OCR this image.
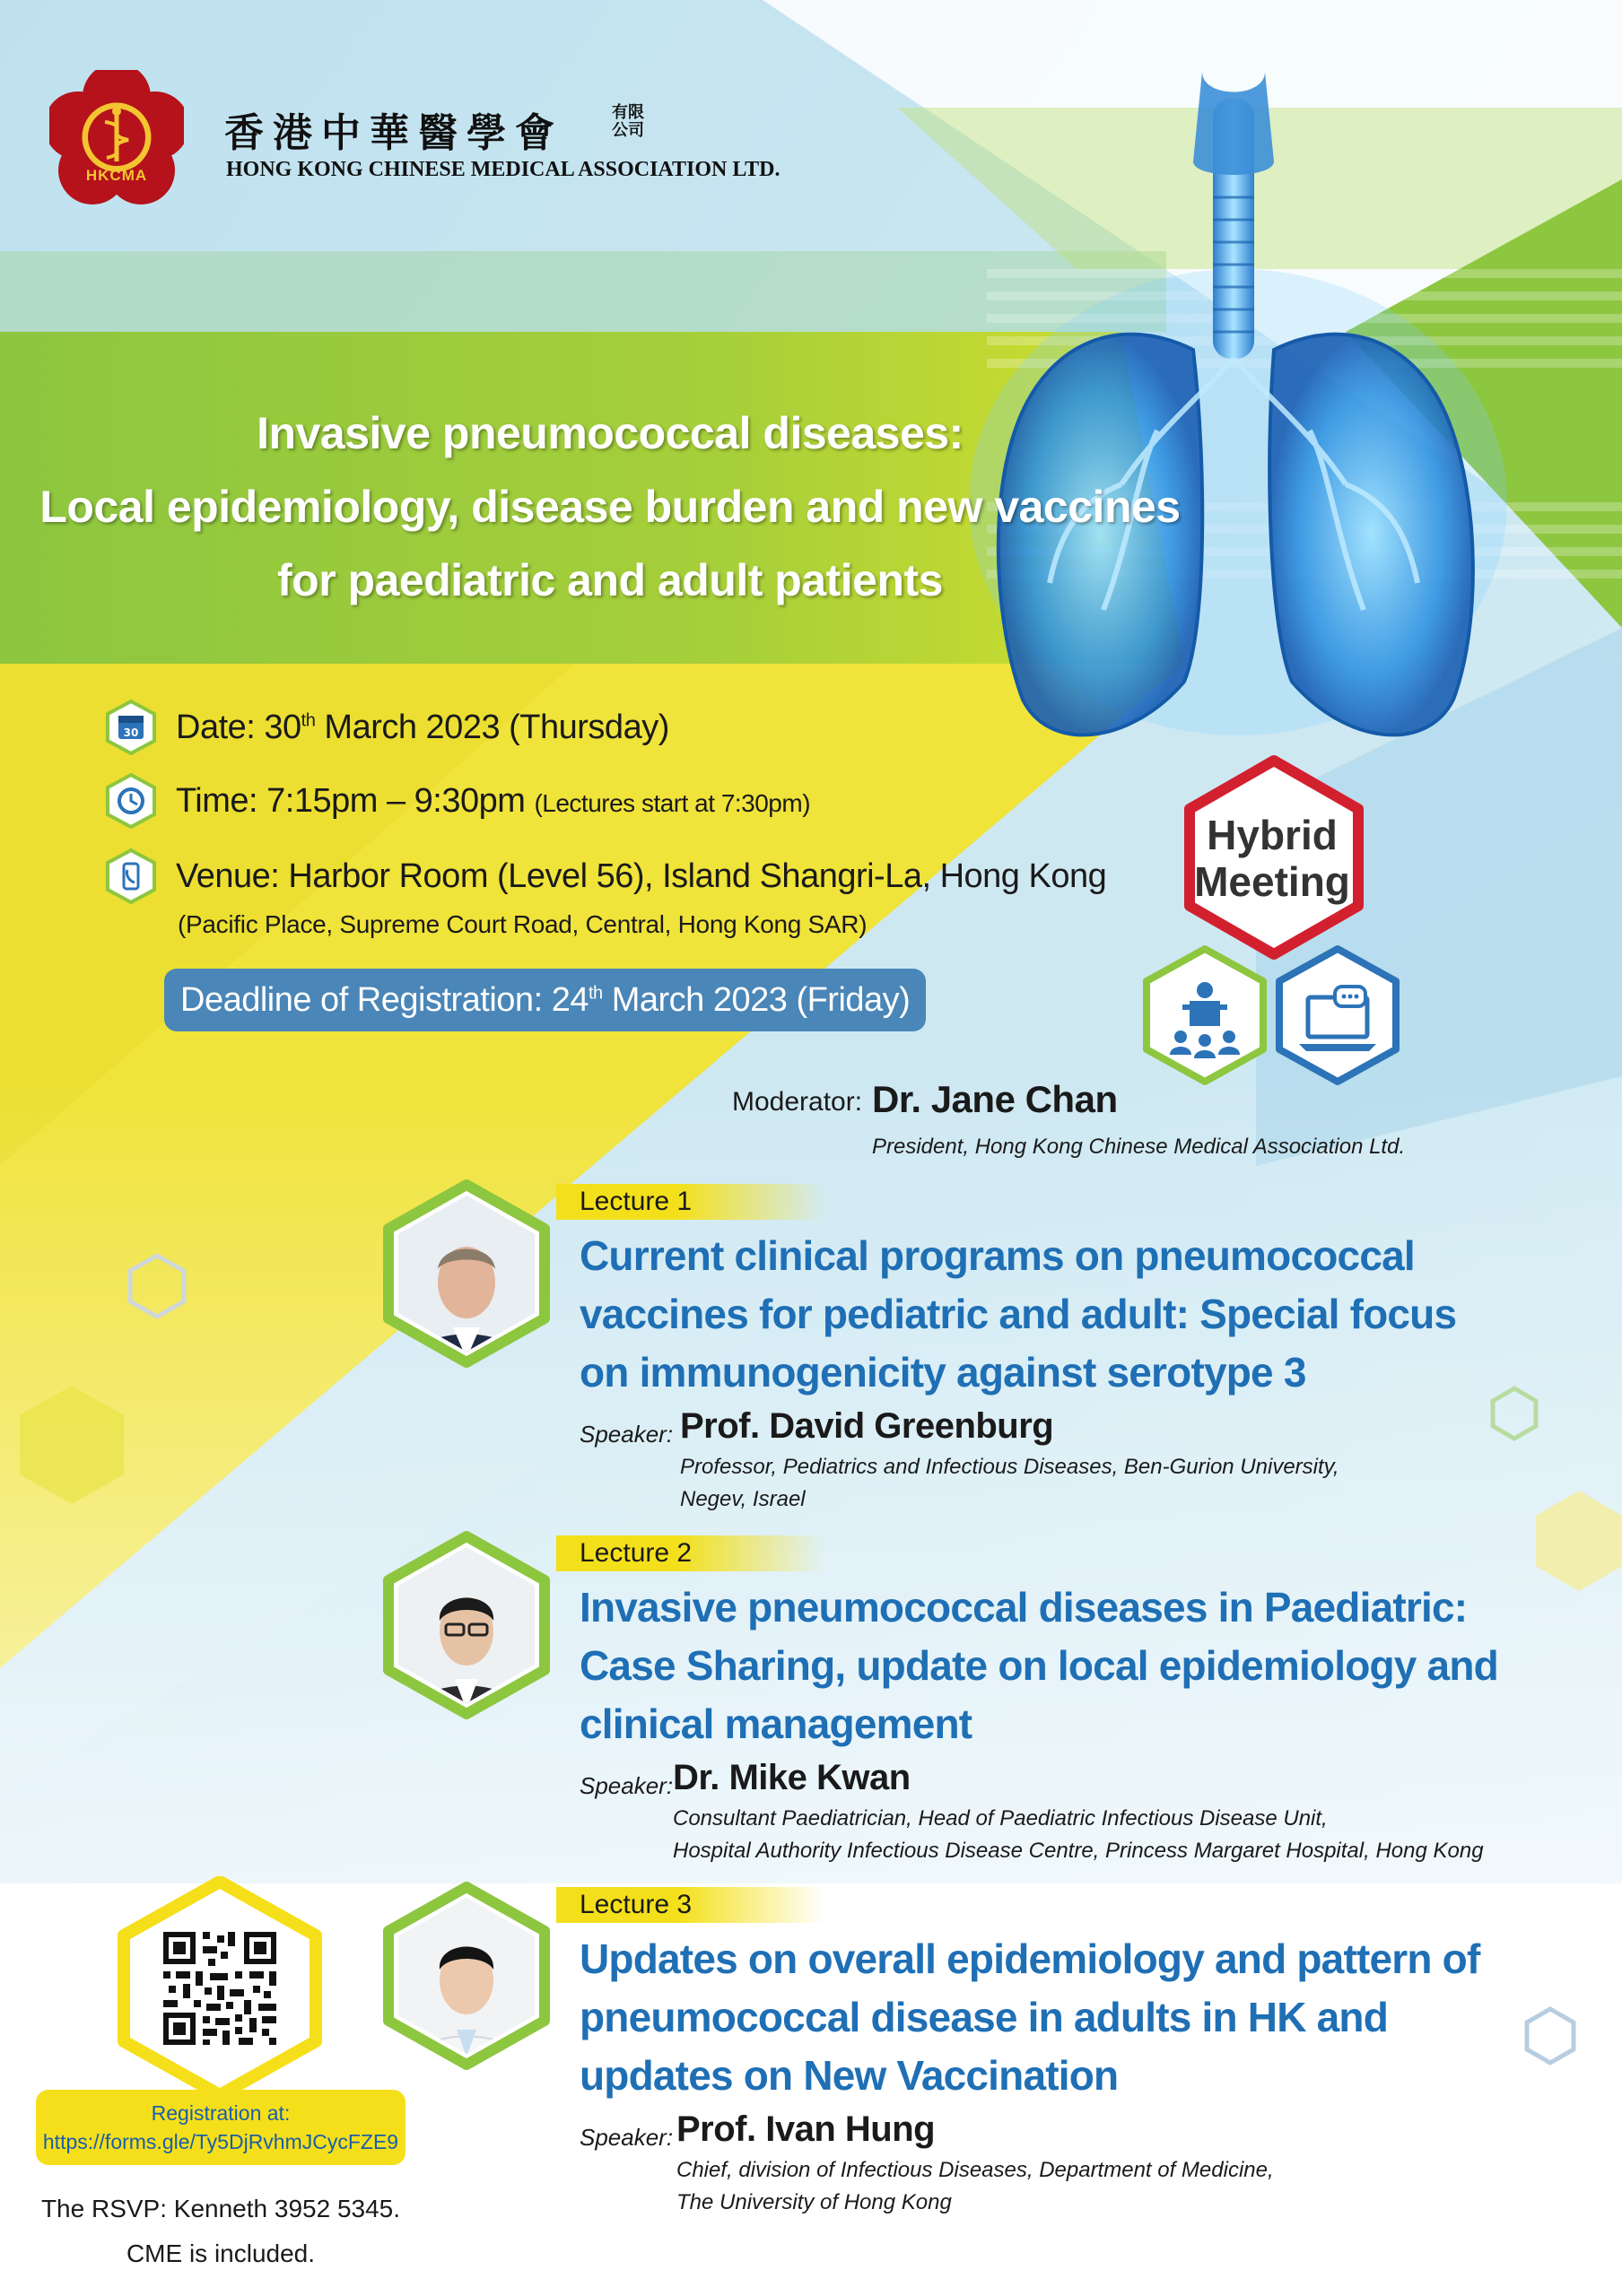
HKCMA
香港中華醫學會	有限公司
HONG KONG CHINESE MEDICAL ASSOCIATION LTD.
Invasive pneumococcal diseases:
Local epidemiology, disease burden and new vaccines
for paediatric and adult patients
30 Date: 30th March 2023 (Thursday)
Time: 7:15pm – 9:30pm (Lectures start at 7:30pm)
Venue: Harbor Room (Level 56), Island Shangri-La, Hong Kong
(Pacific Place, Supreme Court Road, Central, Hong Kong SAR)
Deadline of Registration: 24th March 2023 (Friday)
Hybrid
Meeting
Moderator: Dr. Jane Chan
President, Hong Kong Chinese Medical Association Ltd.
Lecture 1
Current clinical programs on pneumococcal vaccines for pediatric and adult: Special focus on immunogenicity against serotype 3
Speaker: Prof. David Greenburg
Professor, Pediatrics and Infectious Diseases, Ben-Gurion University,
Negev, Israel
Lecture 2
Invasive pneumococcal diseases in Paediatric: Case Sharing, update on local epidemiology and clinical management
Speaker: Dr. Mike Kwan
Consultant Paediatrician, Head of Paediatric Infectious Disease Unit,
Hospital Authority Infectious Disease Centre, Princess Margaret Hospital, Hong Kong
Lecture 3
Updates on overall epidemiology and pattern of pneumococcal disease in adults in HK and updates on New Vaccination
Speaker: Prof. Ivan Hung
Chief, division of Infectious Diseases, Department of Medicine,
The University of Hong Kong
Registration at:
https://forms.gle/Ty5DjRvhmJCycFZE9
The RSVP: Kenneth 3952 5345.
CME is included.
